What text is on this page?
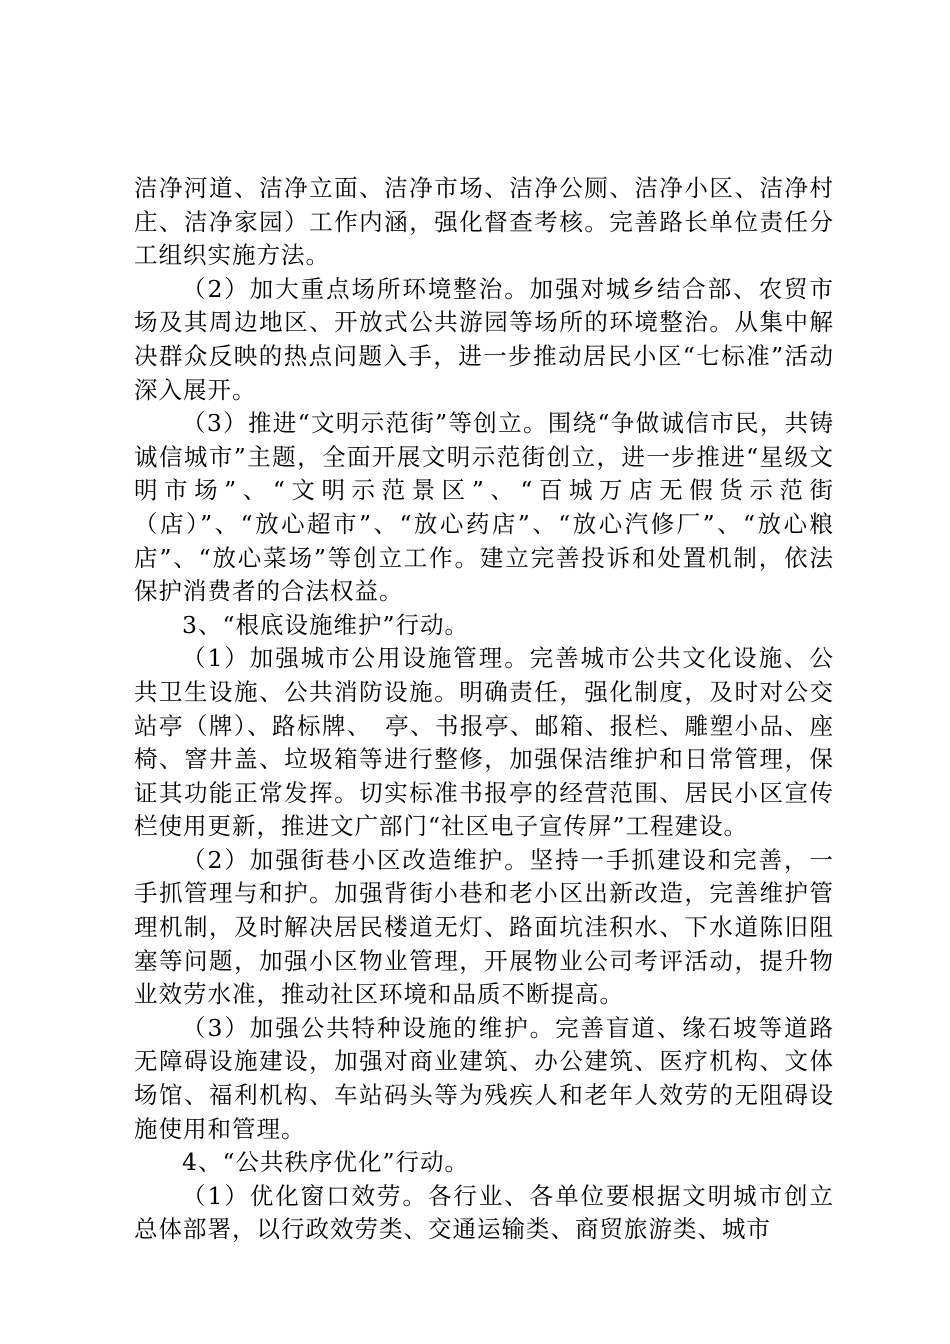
洁净河道、洁净立面、洁净市场、洁净公厕、洁净小区、洁净村庄、洁净家园）工作内涵，强化督查考核。完善路长单位责任分工组织实施方法。

（2）加大重点场所环境整治。加强对城乡结合部、农贸市场及其周边地区、开放式公共游园等场所的环境整治。从集中解决群众反映的热点问题入手，进一步推动居民小区“七标准”活动深入展开。

（3）推进“文明示范街”等创立。围绕“争做诚信市民，共铸诚信城市”主题，全面开展文明示范街创立，进一步推进“星级文明市场”、“文明示范景区”、“百城万店无假货示范街（店）”、“放心超市”、“放心药店”、“放心汽修厂”、“放心粮店”、“放心菜场”等创立工作。建立完善投诉和处置机制，依法保护消费者的合法权益。

3、“根底设施维护”行动。

（1）加强城市公用设施管理。完善城市公共文化设施、公共卫生设施、公共消防设施。明确责任，强化制度，及时对公交站亭（牌）、路标牌、　亭、书报亭、邮箱、报栏、雕塑小品、座椅、窨井盖、垃圾箱等进行整修，加强保洁维护和日常管理，保证其功能正常发挥。切实标准书报亭的经营范围、居民小区宣传栏使用更新，推进文广部门“社区电子宣传屏”工程建设。

（2）加强街巷小区改造维护。坚持一手抓建设和完善，一手抓管理与和护。加强背街小巷和老小区出新改造，完善维护管理机制，及时解决居民楼道无灯、路面坑洼积水、下水道陈旧阻塞等问题，加强小区物业管理，开展物业公司考评活动，提升物业效劳水准，推动社区环境和品质不断提高。

（3）加强公共特种设施的维护。完善盲道、缘石坡等道路无障碍设施建设，加强对商业建筑、办公建筑、医疗机构、文体场馆、福利机构、车站码头等为残疾人和老年人效劳的无阻碍设施使用和管理。

4、“公共秩序优化”行动。

（1）优化窗口效劳。各行业、各单位要根据文明城市创立总体部署，以行政效劳类、交通运输类、商贸旅游类、城市
